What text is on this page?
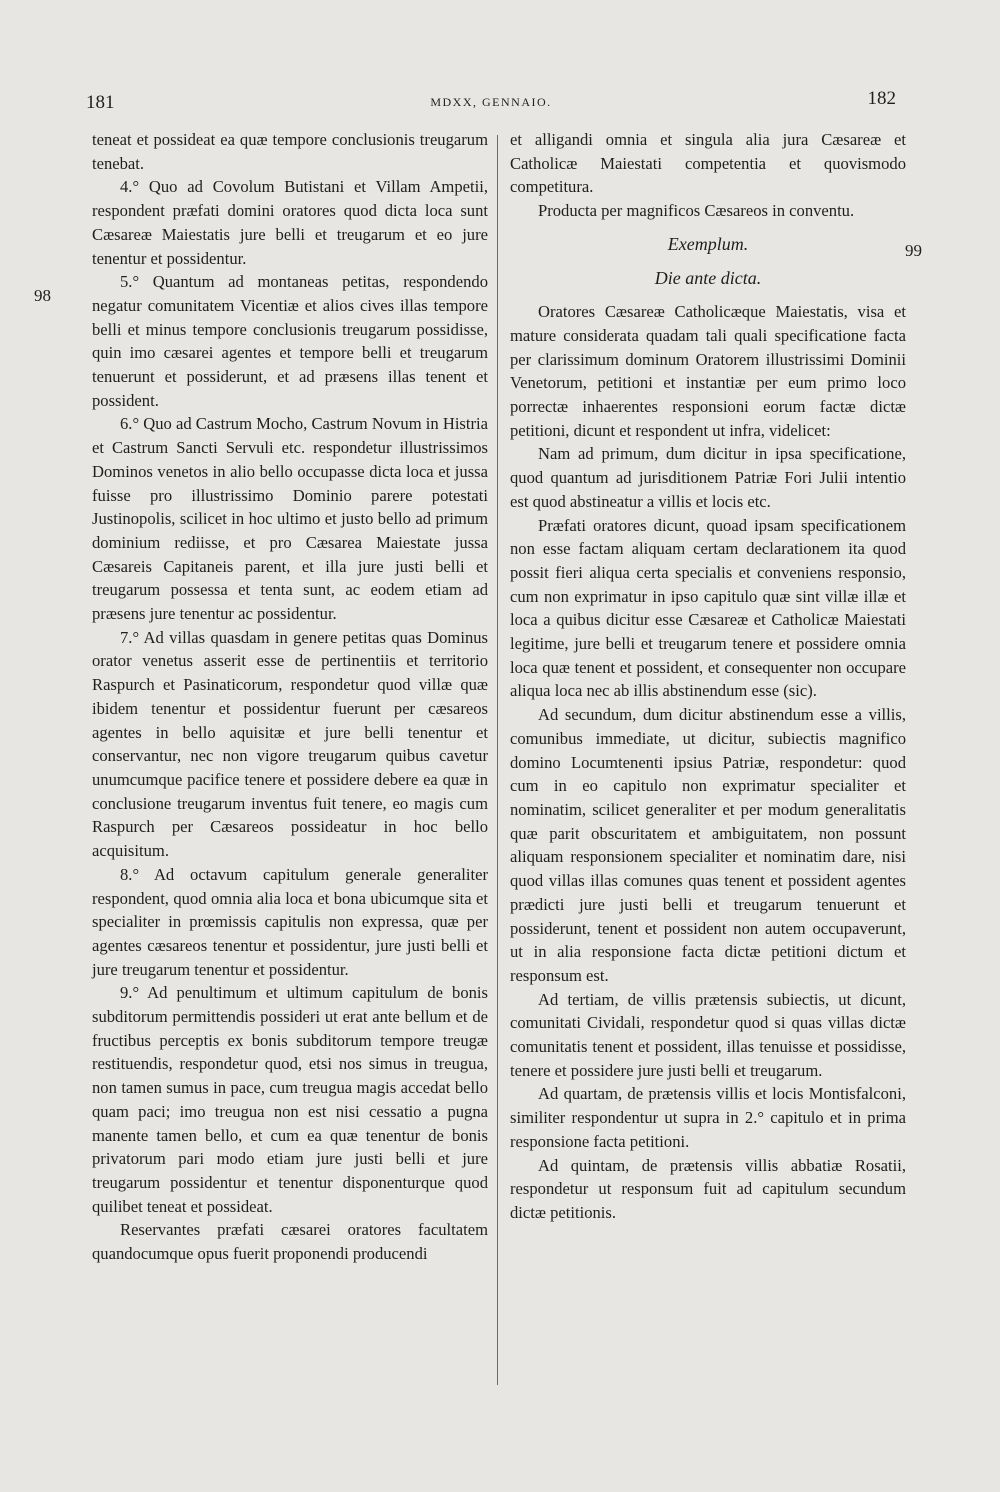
181	MDXX, GENNAIO.	182
98
99

teneat et possideat ea quæ tempore conclusionis treugarum tenebat.

4.° Quo ad Covolum Butistani et Villam Ampetii, respondent præfati domini oratores quod dicta loca sunt Cæsareæ Maiestatis jure belli et treugarum et eo jure tenentur et possidentur.

5.° Quantum ad montaneas petitas, respondendo negatur comunitatem Vicentiæ et alios cives illas tempore belli et minus tempore conclusionis treugarum possidisse, quin imo cæsarei agentes et tempore belli et treugarum tenuerunt et possiderunt, et ad præsens illas tenent et possident.

6.° Quo ad Castrum Mocho, Castrum Novum in Histria et Castrum Sancti Servuli etc. respondetur illustrissimos Dominos venetos in alio bello occupasse dicta loca et jussa fuisse pro illustrissimo Dominio parere potestati Justinopolis, scilicet in hoc ultimo et justo bello ad primum dominium rediisse, et pro Cæsarea Maiestate jussa Cæsareis Capitaneis parent, et illa jure justi belli et treugarum possessa et tenta sunt, ac eodem etiam ad præsens jure tenentur ac possidentur.

7.° Ad villas quasdam in genere petitas quas Dominus orator venetus asserit esse de pertinentiis et territorio Raspurch et Pasinaticorum, respondetur quod villæ quæ ibidem tenentur et possidentur fuerunt per cæsareos agentes in bello aquisitæ et jure belli tenentur et conservantur, nec non vigore treugarum quibus cavetur unumcumque pacifice tenere et possidere debere ea quæ in conclusione treugarum inventus fuit tenere, eo magis cum Raspurch per Cæsareos possideatur in hoc bello acquisitum.

8.° Ad octavum capitulum generale generaliter respondent, quod omnia alia loca et bona ubicumque sita et specialiter in prœmissis capitulis non expressa, quæ per agentes cæsareos tenentur et possidentur, jure justi belli et jure treugarum tenentur et possidentur.

9.° Ad penultimum et ultimum capitulum de bonis subditorum permittendis possideri ut erat ante bellum et de fructibus perceptis ex bonis subditorum tempore treugæ restituendis, respondetur quod, etsi nos simus in treugua, non tamen sumus in pace, cum treugua magis accedat bello quam paci; imo treugua non est nisi cessatio a pugna manente tamen bello, et cum ea quæ tenentur de bonis privatorum pari modo etiam jure justi belli et jure treugarum possidentur et tenentur disponenturque quod quilibet teneat et possideat.

Reservantes præfati cæsarei oratores facultatem quandocumque opus fuerit proponendi producendi

et alligandi omnia et singula alia jura Cæsareæ et Catholicæ Maiestati competentia et quovismodo competitura.

Producta per magnificos Cæsareos in conventu.

Exemplum.

Die ante dicta.

Oratores Cæsareæ Catholicæque Maiestatis, visa et mature considerata quadam tali quali specificatione facta per clarissimum dominum Oratorem illustrissimi Dominii Venetorum, petitioni et instantiæ per eum primo loco porrectæ inhaerentes responsioni eorum factæ dictæ petitioni, dicunt et respondent ut infra, videlicet:

Nam ad primum, dum dicitur in ipsa specificatione, quod quantum ad jurisditionem Patriæ Fori Julii intentio est quod abstineatur a villis et locis etc.

Præfati oratores dicunt, quoad ipsam specificationem non esse factam aliquam certam declarationem ita quod possit fieri aliqua certa specialis et conveniens responsio, cum non exprimatur in ipso capitulo quæ sint villæ illæ et loca a quibus dicitur esse Cæsareæ et Catholicæ Maiestati legitime, jure belli et treugarum tenere et possidere omnia loca quæ tenent et possident, et consequenter non occupare aliqua loca nec ab illis abstinendum esse (sic).

Ad secundum, dum dicitur abstinendum esse a villis, comunibus immediate, ut dicitur, subiectis magnifico domino Locumtenenti ipsius Patriæ, respondetur: quod cum in eo capitulo non exprimatur specialiter et nominatim, scilicet generaliter et per modum generalitatis quæ parit obscuritatem et ambiguitatem, non possunt aliquam responsionem specialiter et nominatim dare, nisi quod villas illas comunes quas tenent et possident agentes prædicti jure justi belli et treugarum tenuerunt et possiderunt, tenent et possident non autem occupaverunt, ut in alia responsione facta dictæ petitioni dictum et responsum est.

Ad tertiam, de villis prætensis subiectis, ut dicunt, comunitati Cividali, respondetur quod si quas villas dictæ comunitatis tenent et possident, illas tenuisse et possidisse, tenere et possidere jure justi belli et treugarum.

Ad quartam, de prætensis villis et locis Montisfalconi, similiter respondentur ut supra in 2.° capitulo et in prima responsione facta petitioni.

Ad quintam, de prætensis villis abbatiæ Rosatii, respondetur ut responsum fuit ad capitulum secundum dictæ petitionis.
